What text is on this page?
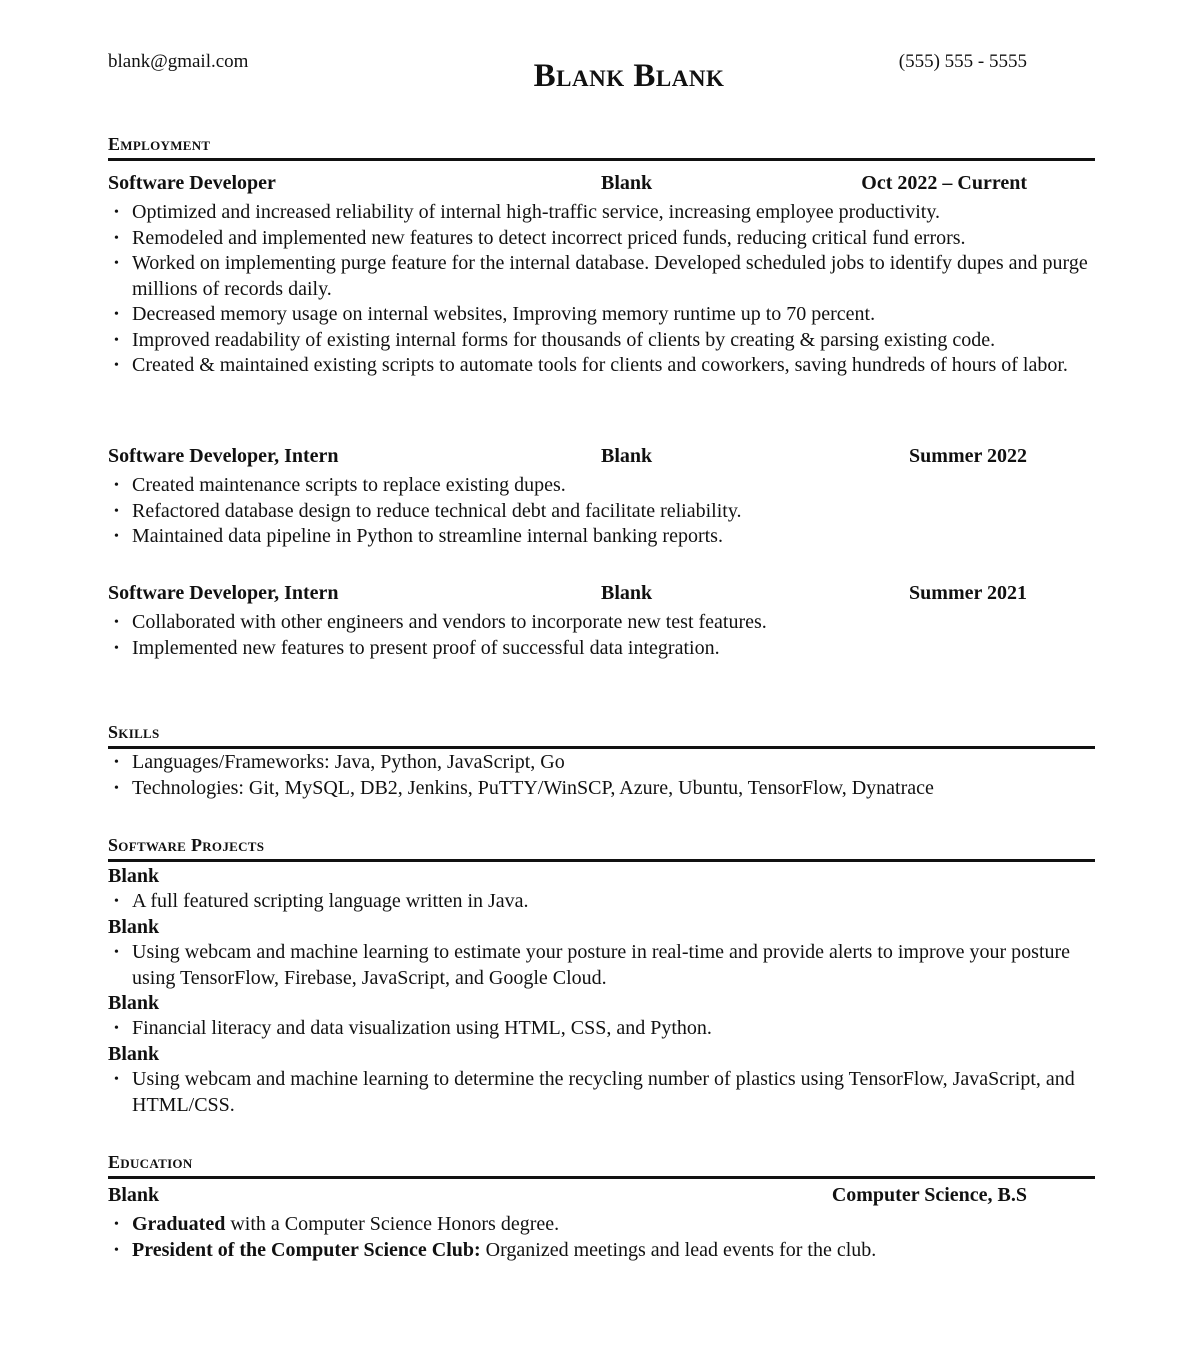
blank@gmail.com	Blank Blank	(555) 555 - 5555
Employment
Software Developer	Blank	Oct 2022 – Current
• Optimized and increased reliability of internal high-traffic service, increasing employee productivity.
• Remodeled and implemented new features to detect incorrect priced funds, reducing critical fund errors.
• Worked on implementing purge feature for the internal database. Developed scheduled jobs to identify dupes and purge millions of records daily.
• Decreased memory usage on internal websites, Improving memory runtime up to 70 percent.
• Improved readability of existing internal forms for thousands of clients by creating & parsing existing code.
• Created & maintained existing scripts to automate tools for clients and coworkers, saving hundreds of hours of labor.
Software Developer, Intern	Blank	Summer 2022
• Created maintenance scripts to replace existing dupes.
• Refactored database design to reduce technical debt and facilitate reliability.
• Maintained data pipeline in Python to streamline internal banking reports.
Software Developer, Intern	Blank	Summer 2021
• Collaborated with other engineers and vendors to incorporate new test features.
• Implemented new features to present proof of successful data integration.
Skills
• Languages/Frameworks: Java, Python, JavaScript, Go
• Technologies: Git, MySQL, DB2, Jenkins, PuTTY/WinSCP, Azure, Ubuntu, TensorFlow, Dynatrace
Software Projects
Blank
• A full featured scripting language written in Java.
Blank
• Using webcam and machine learning to estimate your posture in real-time and provide alerts to improve your posture using TensorFlow, Firebase, JavaScript, and Google Cloud.
Blank
• Financial literacy and data visualization using HTML, CSS, and Python.
Blank
• Using webcam and machine learning to determine the recycling number of plastics using TensorFlow, JavaScript, and HTML/CSS.
Education
Blank	Computer Science, B.S
• Graduated with a Computer Science Honors degree.
• President of the Computer Science Club: Organized meetings and lead events for the club.
